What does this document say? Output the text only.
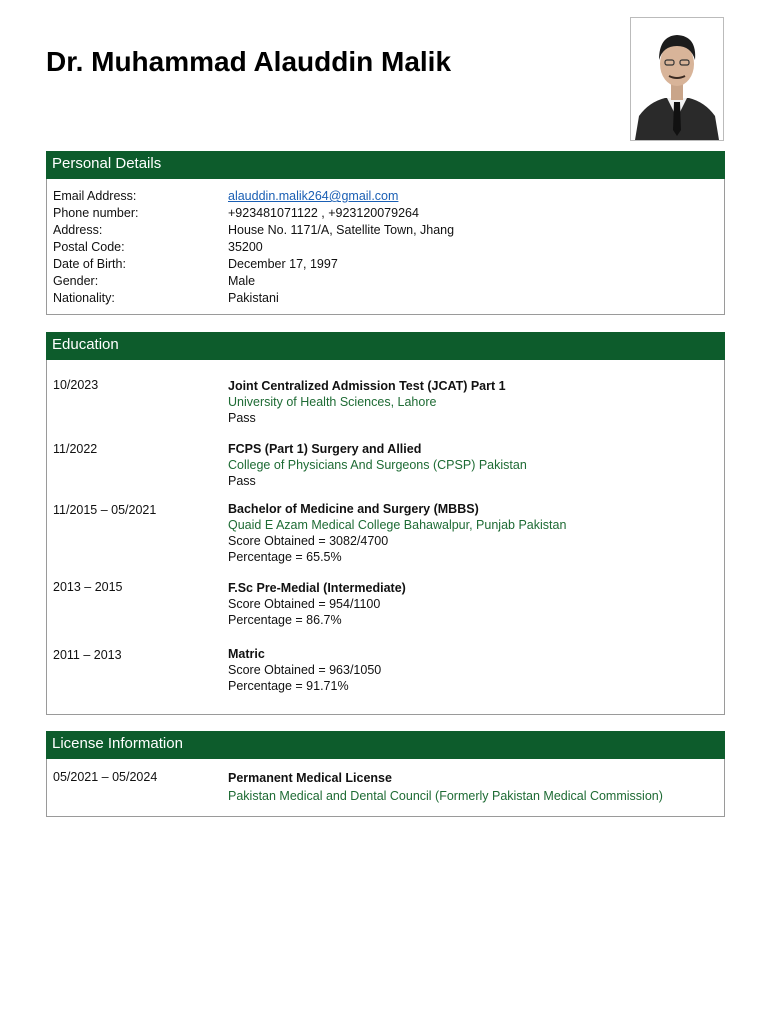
Dr. Muhammad Alauddin Malik
Personal Details
Email Address:	alauddin.malik264@gmail.com
Phone number:	+923481071122 , +923120079264
Address:	House No. 1171/A, Satellite Town, Jhang
Postal Code:	35200
Date of Birth:	December 17, 1997
Gender:	Male
Nationality:	Pakistani
Education
10/2023	Joint Centralized Admission Test (JCAT) Part 1
University of Health Sciences, Lahore
Pass
11/2022	FCPS (Part 1) Surgery and Allied
College of Physicians And Surgeons (CPSP) Pakistan
Pass
11/2015 – 05/2021	Bachelor of Medicine and Surgery (MBBS)
Quaid E Azam Medical College Bahawalpur, Punjab Pakistan
Score Obtained = 3082/4700
Percentage = 65.5%
2013 – 2015	F.Sc Pre-Medial (Intermediate)
Score Obtained = 954/1100
Percentage = 86.7%
2011 – 2013	Matric
Score Obtained = 963/1050
Percentage = 91.71%
License Information
05/2021 – 05/2024	Permanent Medical License
Pakistan Medical and Dental Council (Formerly Pakistan Medical Commission)
